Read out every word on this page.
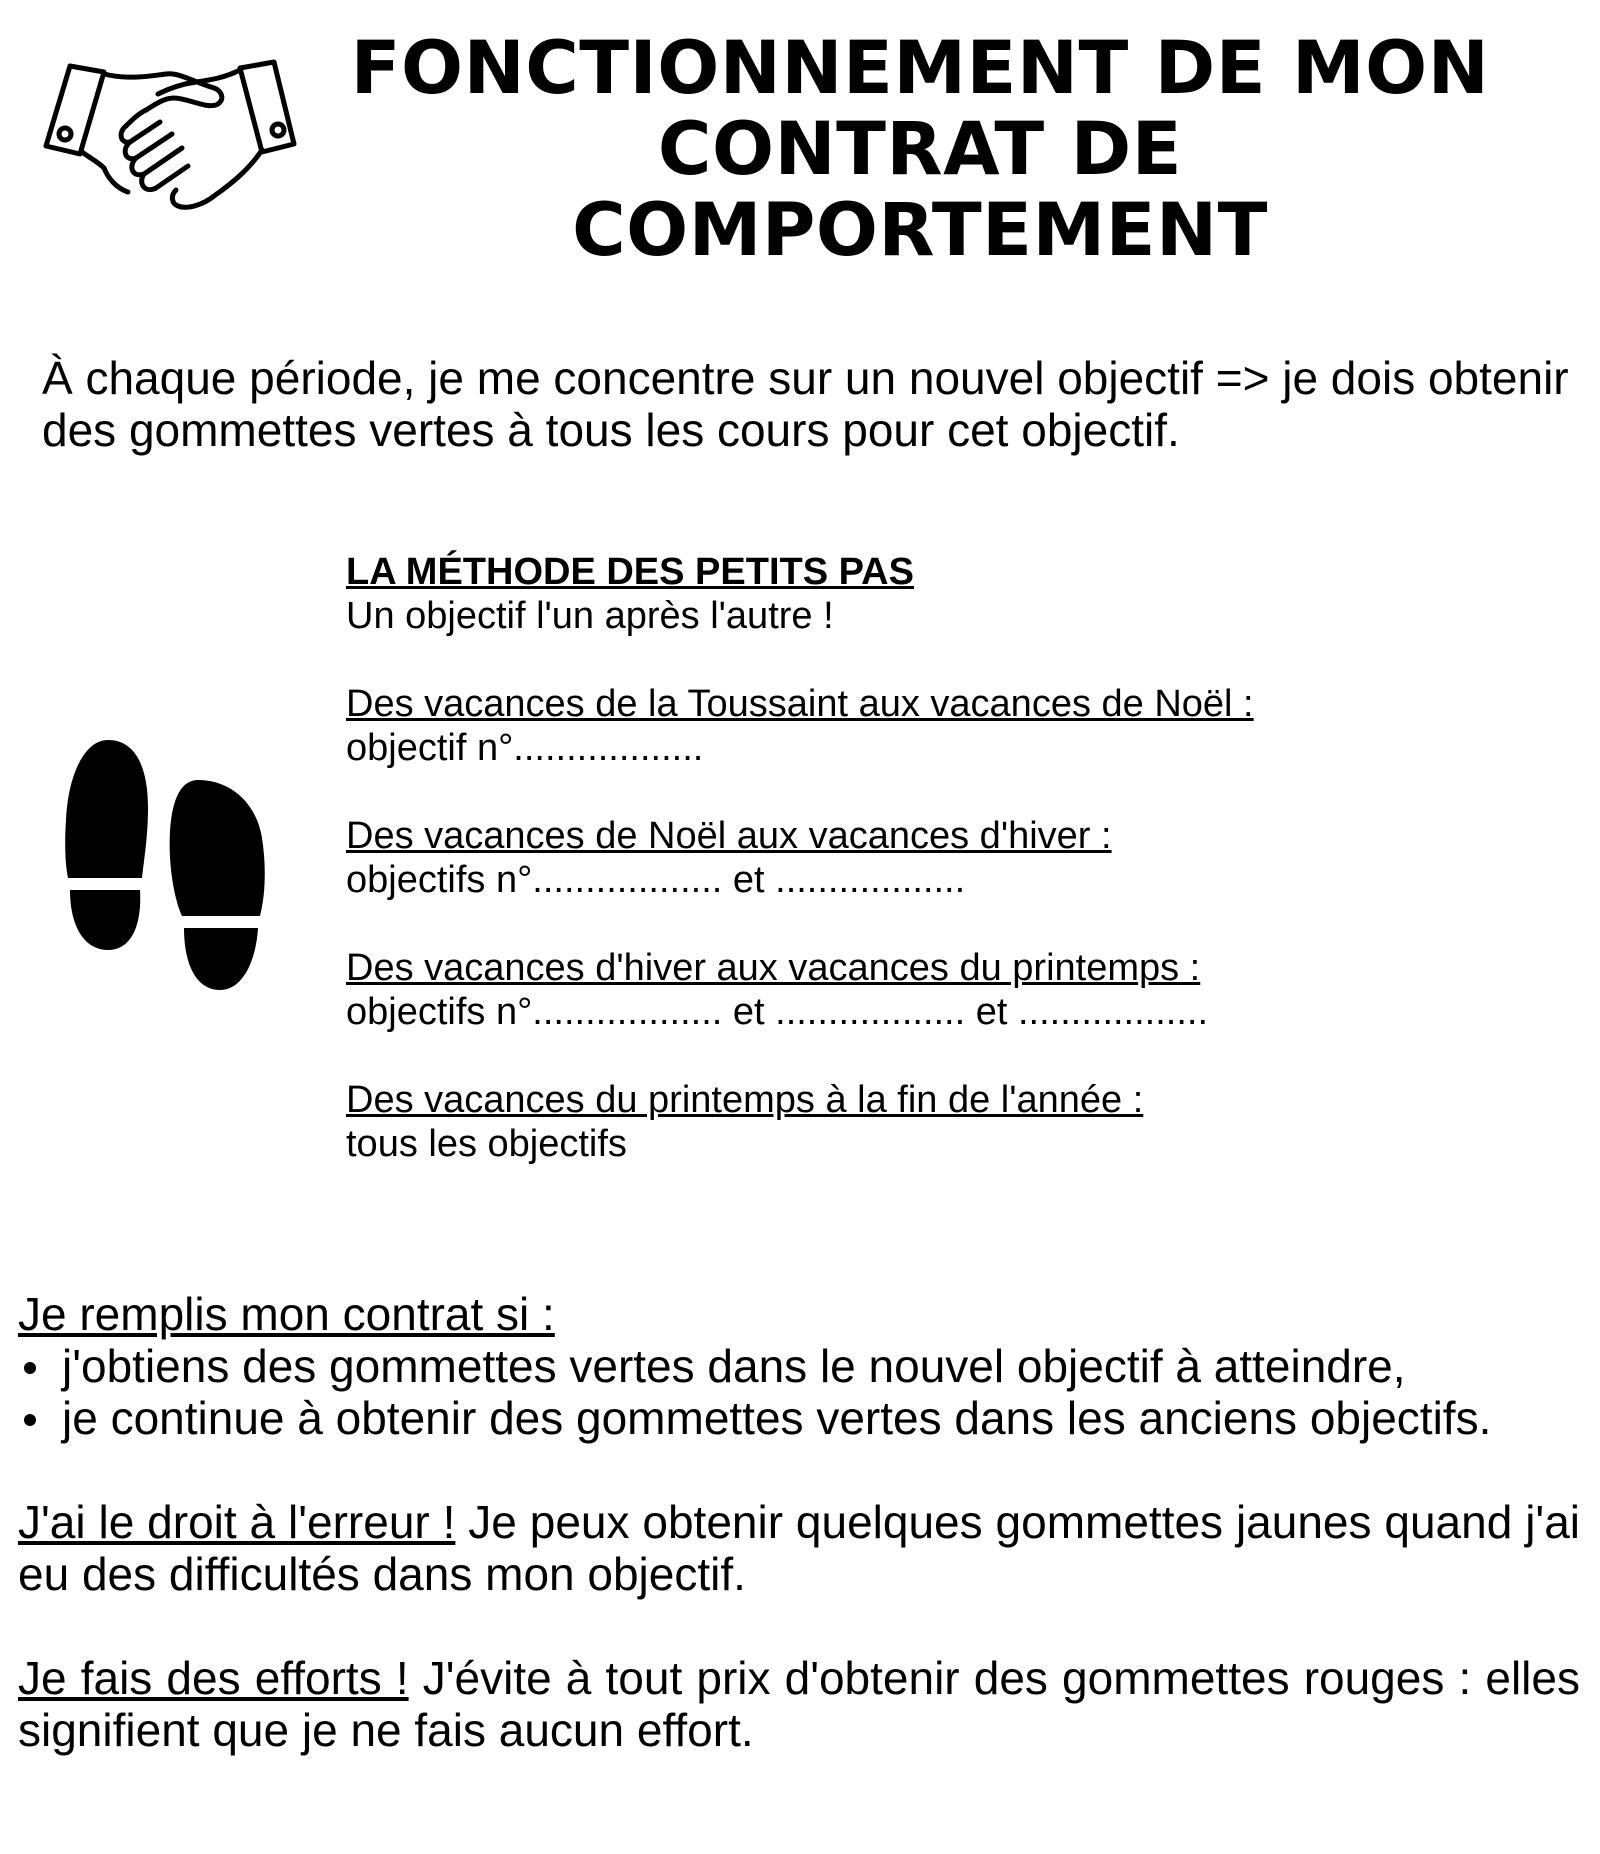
FONCTIONNEMENT DE MON
CONTRAT DE
COMPORTEMENT

À chaque période, je me concentre sur un nouvel objectif => je dois obtenir des gommettes vertes à tous les cours pour cet objectif.

LA MÉTHODE DES PETITS PAS

Un objectif l'un après l'autre !

Des vacances de la Toussaint aux vacances de Noël :

objectif n°..................

Des vacances de Noël aux vacances d'hiver :

objectifs n°.................. et ..................

Des vacances d'hiver aux vacances du printemps :

objectifs n°.................. et .................. et ..................

Des vacances du printemps à la fin de l'année :

tous les objectifs

Je remplis mon contrat si :

j'obtiens des gommettes vertes dans le nouvel objectif à atteindre,
je continue à obtenir des gommettes vertes dans les anciens objectifs.

J'ai le droit à l'erreur ! Je peux obtenir quelques gommettes jaunes quand j'ai eu des difficultés dans mon objectif.

Je fais des efforts ! J'évite à tout prix d'obtenir des gommettes rouges : elles signifient que je ne fais aucun effort.
